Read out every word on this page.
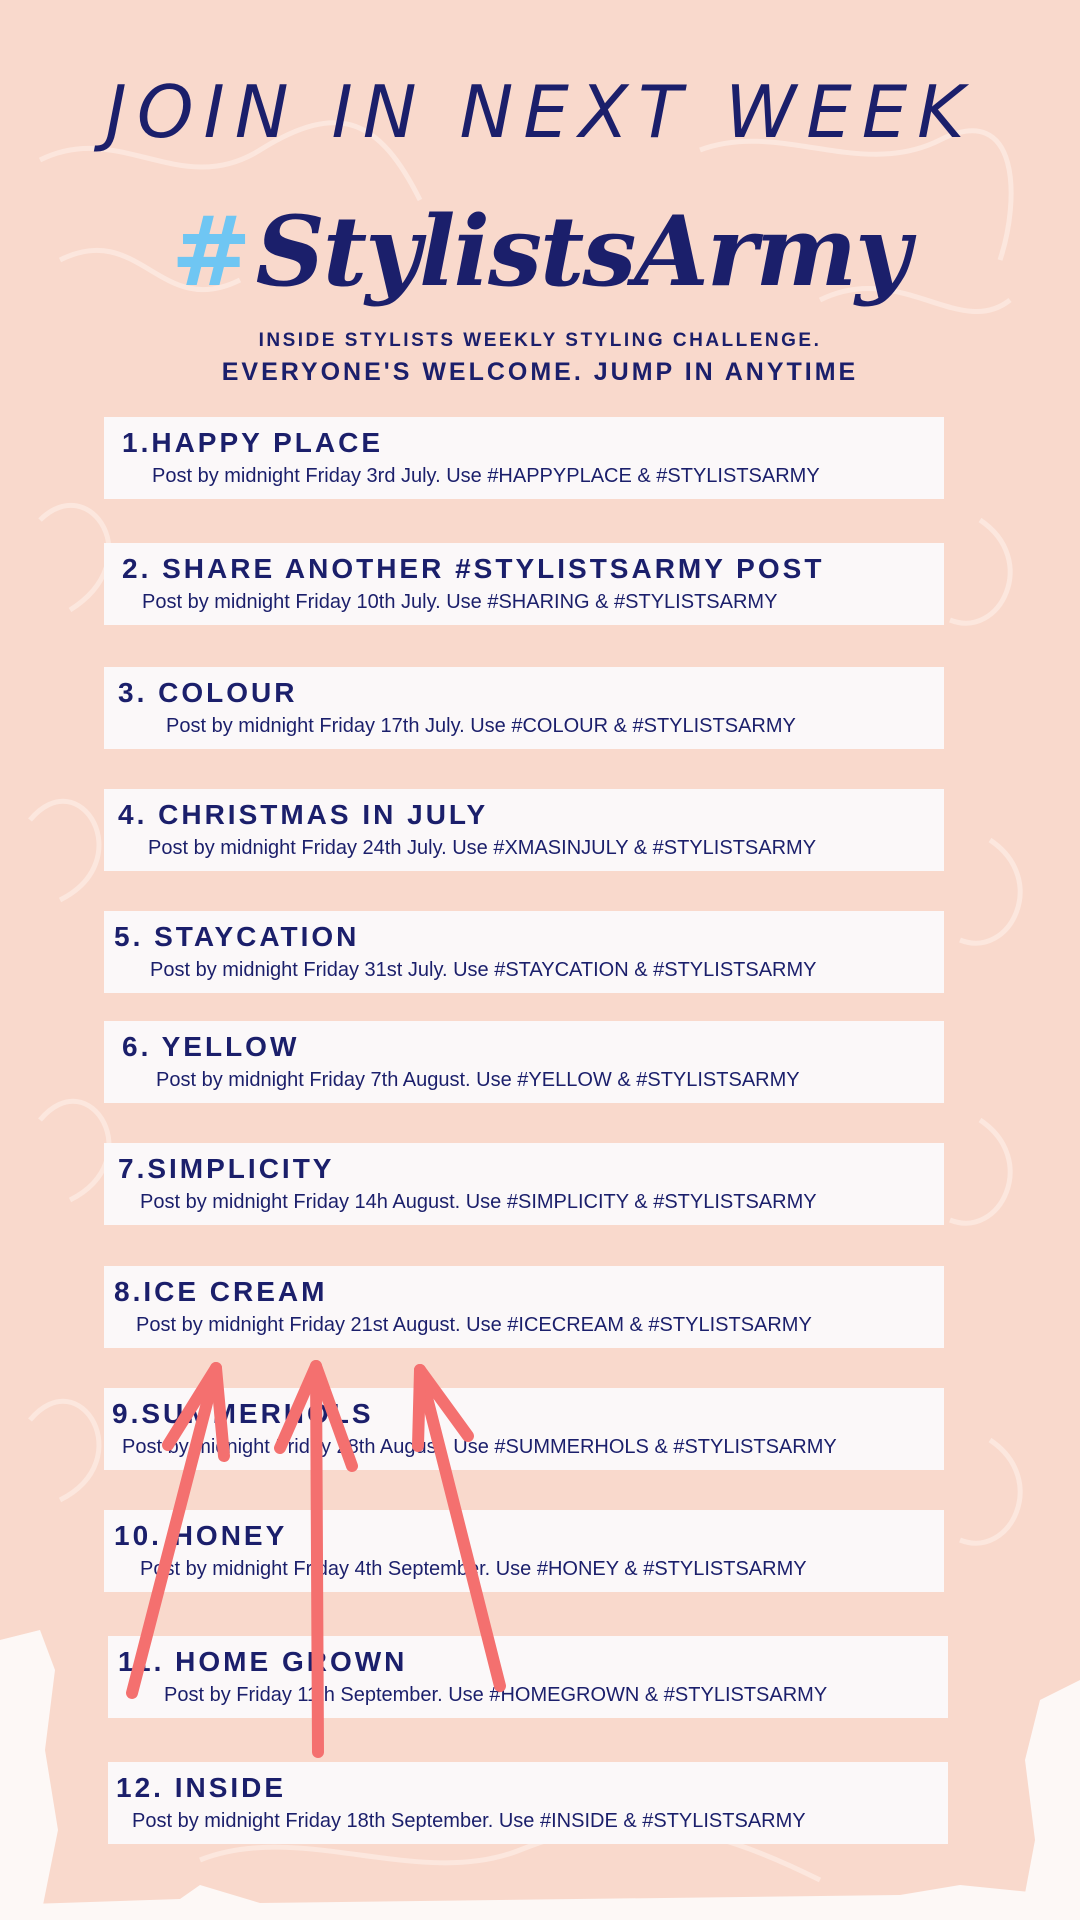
JOIN IN NEXT WEEK
#StylistsArmy
INSIDE STYLISTS WEEKLY STYLING CHALLENGE.
EVERYONE'S WELCOME. JUMP IN ANYTIME
1.HAPPY PLACE
Post by midnight Friday 3rd July. Use #HAPPYPLACE & #STYLISTSARMY
2. SHARE ANOTHER #STYLISTSARMY POST
Post by midnight Friday 10th July. Use #SHARING & #STYLISTSARMY
3. COLOUR
Post by midnight Friday 17th July. Use #COLOUR & #STYLISTSARMY
4. CHRISTMAS IN JULY
Post by midnight Friday 24th July. Use #XMASINJULY & #STYLISTSARMY
5. STAYCATION
Post by midnight Friday 31st July. Use #STAYCATION & #STYLISTSARMY
6. YELLOW
Post by midnight Friday 7th August. Use #YELLOW & #STYLISTSARMY
7.SIMPLICITY
Post by midnight Friday 14h August. Use #SIMPLICITY & #STYLISTSARMY
8.ICE CREAM
Post by midnight Friday 21st August. Use #ICECREAM & #STYLISTSARMY
9.SUMMERHOLS
Post by midnight Friday 28th August. Use #SUMMERHOLS & #STYLISTSARMY
10. HONEY
Post by midnight Friday 4th September. Use #HONEY & #STYLISTSARMY
11. HOME GROWN
Post by Friday 11th September. Use #HOMEGROWN & #STYLISTSARMY
12. INSIDE
Post by midnight Friday 18th September. Use #INSIDE & #STYLISTSARMY
